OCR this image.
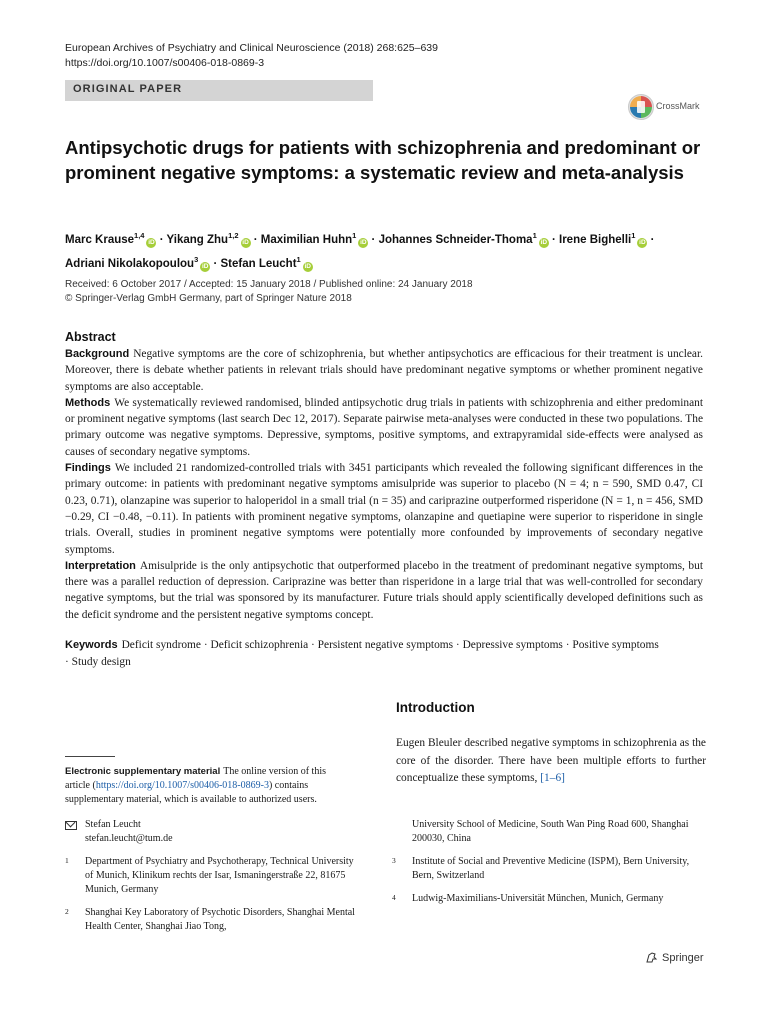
European Archives of Psychiatry and Clinical Neuroscience (2018) 268:625–639
https://doi.org/10.1007/s00406-018-0869-3
ORIGINAL PAPER
CrossMark
Antipsychotic drugs for patients with schizophrenia and predominant or prominent negative symptoms: a systematic review and meta-analysis
Marc Krause$^{1,4}$iD · Yikang Zhu$^{1,2}$iD · Maximilian Huhn$^1$iD · Johannes Schneider-Thoma$^1$iD · Irene Bighelli$^1$iD ·
Adriani Nikolakopoulou$^3$iD · Stefan Leucht$^1$iD
Received: 6 October 2017 / Accepted: 15 January 2018 / Published online: 24 January 2018
© Springer-Verlag GmbH Germany, part of Springer Nature 2018
Abstract

Background Negative symptoms are the core of schizophrenia, but whether antipsychotics are efficacious for their treatment is unclear. Moreover, there is debate whether patients in relevant trials should have predominant negative symptoms or whether prominent negative symptoms are also acceptable.

Methods We systematically reviewed randomised, blinded antipsychotic drug trials in patients with schizophrenia and either predominant or prominent negative symptoms (last search Dec 12, 2017). Separate pairwise meta-analyses were conducted in these two populations. The primary outcome was negative symptoms. Depressive, symptoms, positive symptoms, and extrapyramidal side-effects were analysed as causes of secondary negative symptoms.

Findings We included 21 randomized-controlled trials with 3451 participants which revealed the following significant differences in the primary outcome: in patients with predominant negative symptoms amisulpride was superior to placebo (N = 4; n = 590, SMD 0.47, CI 0.23, 0.71), olanzapine was superior to haloperidol in a small trial (n = 35) and cariprazine outperformed risperidone (N = 1, n = 456, SMD −0.29, CI −0.48, −0.11). In patients with prominent negative symptoms, olanzapine and quetiapine were superior to risperidone in single trials. Overall, studies in prominent negative symptoms were potentially more confounded by improvements of secondary negative symptoms.

Interpretation Amisulpride is the only antipsychotic that outperformed placebo in the treatment of predominant negative symptoms, but there was a parallel reduction of depression. Cariprazine was better than risperidone in a large trial that was well-controlled for secondary negative symptoms, but the trial was sponsored by its manufacturer. Future trials should apply scientifically developed definitions such as the deficit syndrome and the persistent negative symptoms concept.

Keywords Deficit syndrome · Deficit schizophrenia · Persistent negative symptoms · Depressive symptoms · Positive symptoms · Study design
Introduction
Eugen Bleuler described negative symptoms in schizophrenia as the core of the disorder. There have been multiple efforts to further conceptualize these symptoms, [1–6]
Electronic supplementary material The online version of this article (https://doi.org/10.1007/s00406-018-0869-3) contains supplementary material, which is available to authorized users.
Stefan Leucht
stefan.leucht@tum.de
1	Department of Psychiatry and Psychotherapy, Technical University of Munich, Klinikum rechts der Isar, Ismaningerstraße 22, 81675 Munich, Germany
2	Shanghai Key Laboratory of Psychotic Disorders, Shanghai Mental Health Center, Shanghai Jiao Tong,
University School of Medicine, South Wan Ping Road 600, Shanghai 200030, China
3	Institute of Social and Preventive Medicine (ISPM), Bern University, Bern, Switzerland
4	Ludwig-Maximilians-Universität München, Munich, Germany
Springer
